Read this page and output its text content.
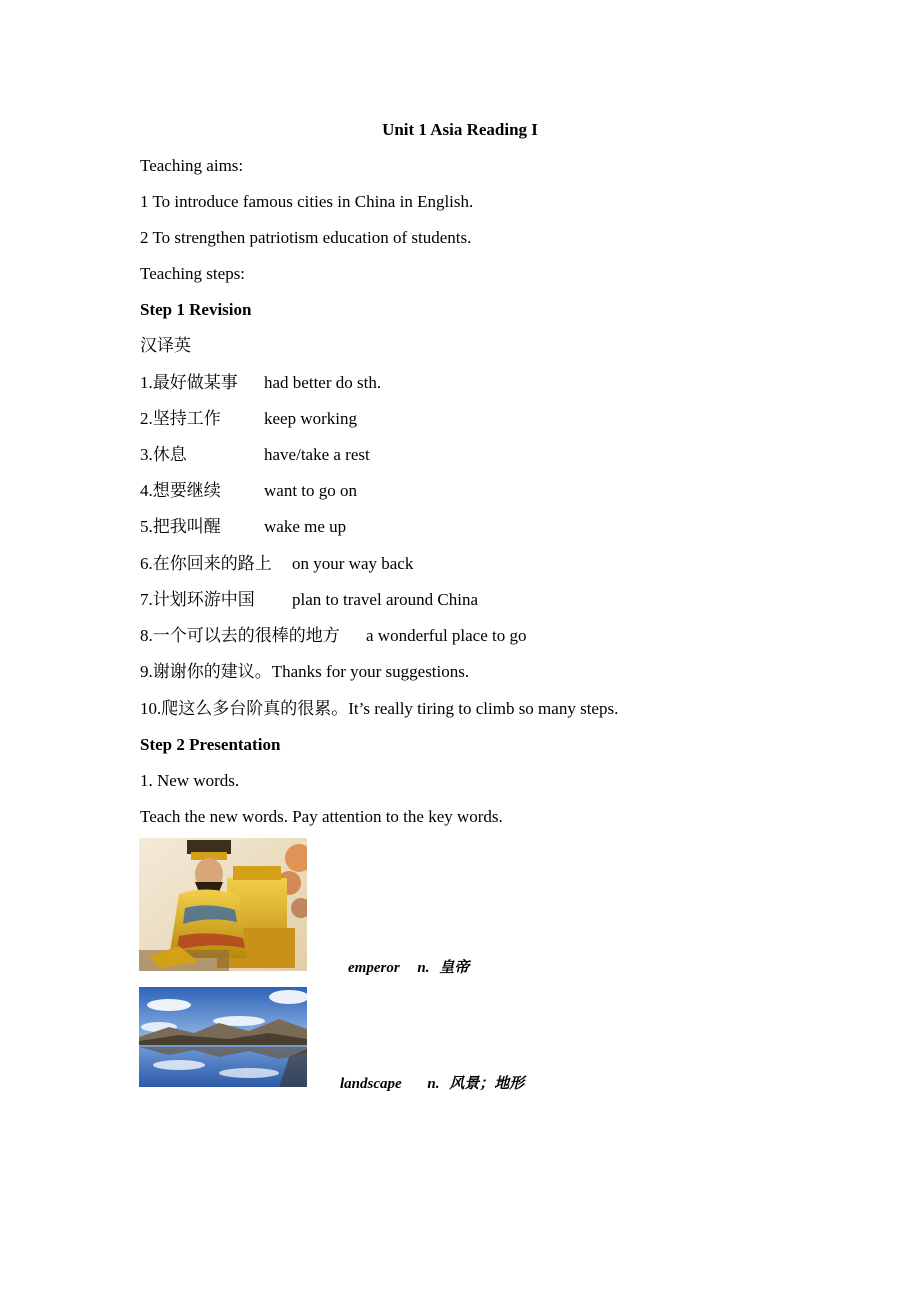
Unit 1 Asia Reading I
Teaching aims:
1 To introduce famous cities in China in English.
2 To strengthen patriotism education of students.
Teaching steps:
Step 1 Revision
汉译英
1.最好做某事 had better do sth.
2.坚持工作	keep working
3.休息	have/take a rest
4.想要继续	want to go on
5.把我叫醒	wake me up
6.在你回来的路上 on your way back
7.计划环游中国 plan to travel around China
8.一个可以去的很棒的地方 a wonderful place to go
9.谢谢你的建议。Thanks for your suggestions.
10.爬这么多台阶真的很累。It’s really tiring to climb so many steps.
Step 2 Presentation
1. New words.
Teach the new words. Pay attention to the key words.
emperor n. 皇帝
landscape n. 风景；地形
